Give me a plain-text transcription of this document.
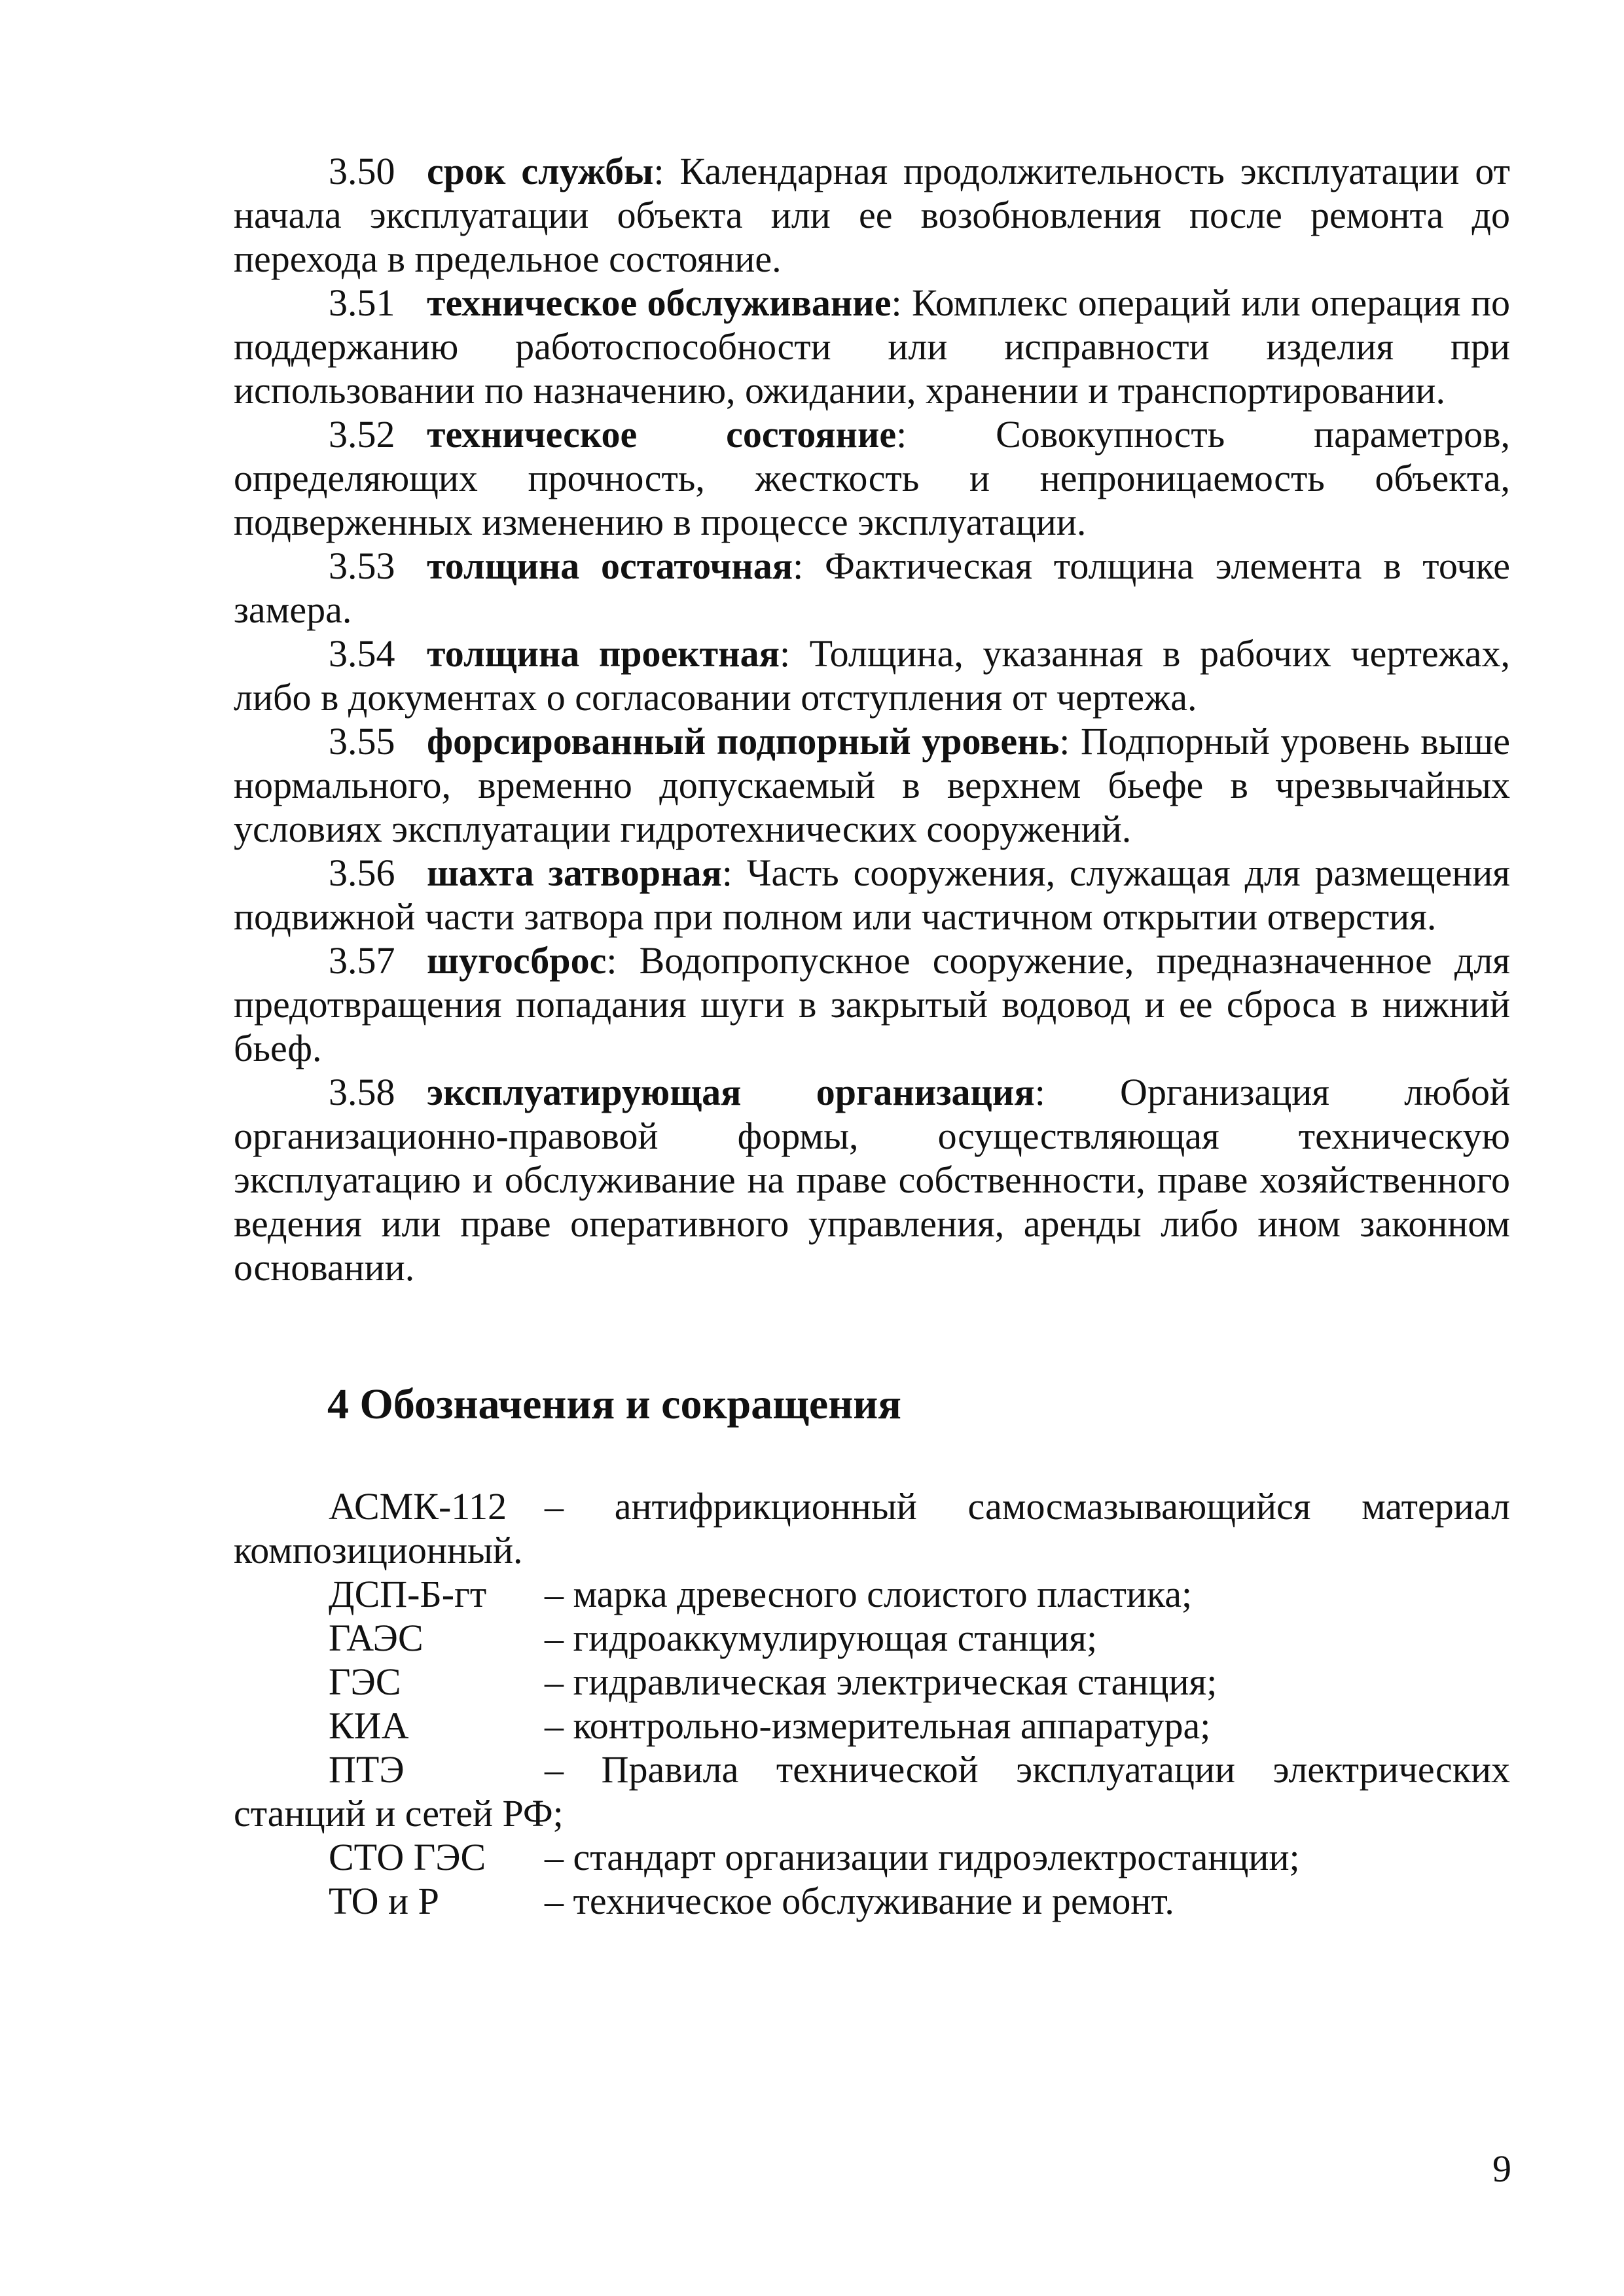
3.50 срок службы: Календарная продолжительность эксплуатации от начала эксплуатации объекта или ее возобновления после ремонта до перехода в предельное состояние.

3.51 техническое обслуживание: Комплекс операций или операция по поддержанию работоспособности или исправности изделия при использовании по назначению, ожидании, хранении и транспортировании.

3.52 техническое состояние: Совокупность параметров, определяющих прочность, жесткость и непроницаемость объекта, подверженных изменению в процессе эксплуатации.

3.53 толщина остаточная: Фактическая толщина элемента в точке замера.

3.54 толщина проектная: Толщина, указанная в рабочих чертежах, либо в документах о согласовании отступления от чертежа.

3.55 форсированный подпорный уровень: Подпорный уровень выше нормального, временно допускаемый в верхнем бьефе в чрезвычайных условиях эксплуатации гидротехнических сооружений.

3.56 шахта затворная: Часть сооружения, служащая для размещения подвижной части затвора при полном или частичном открытии отверстия.

3.57 шугосброс: Водопропускное сооружение, предназначенное для предотвращения попадания шуги в закрытый водовод и ее сброса в нижний бьеф.

3.58 эксплуатирующая организация: Организация любой организационно-правовой формы, осуществляющая техническую эксплуатацию и обслуживание на праве собственности, праве хозяйственного ведения или праве оперативного управления, аренды либо ином законном основании.

4 Обозначения и сокращения

АСМК-112 – антифрикционный самосмазывающийся материал композиционный.

ДСП-Б-гт – марка древесного слоистого пластика;

ГАЭС	– гидроаккумулирующая станция;

ГЭС	– гидравлическая электрическая станция;

КИА	– контрольно-измерительная аппаратура;

ПТЭ	– Правила технической эксплуатации электрических станций и сетей РФ;

СТО ГЭС – стандарт организации гидроэлектростанции;

ТО и Р	– техническое обслуживание и ремонт.

9
